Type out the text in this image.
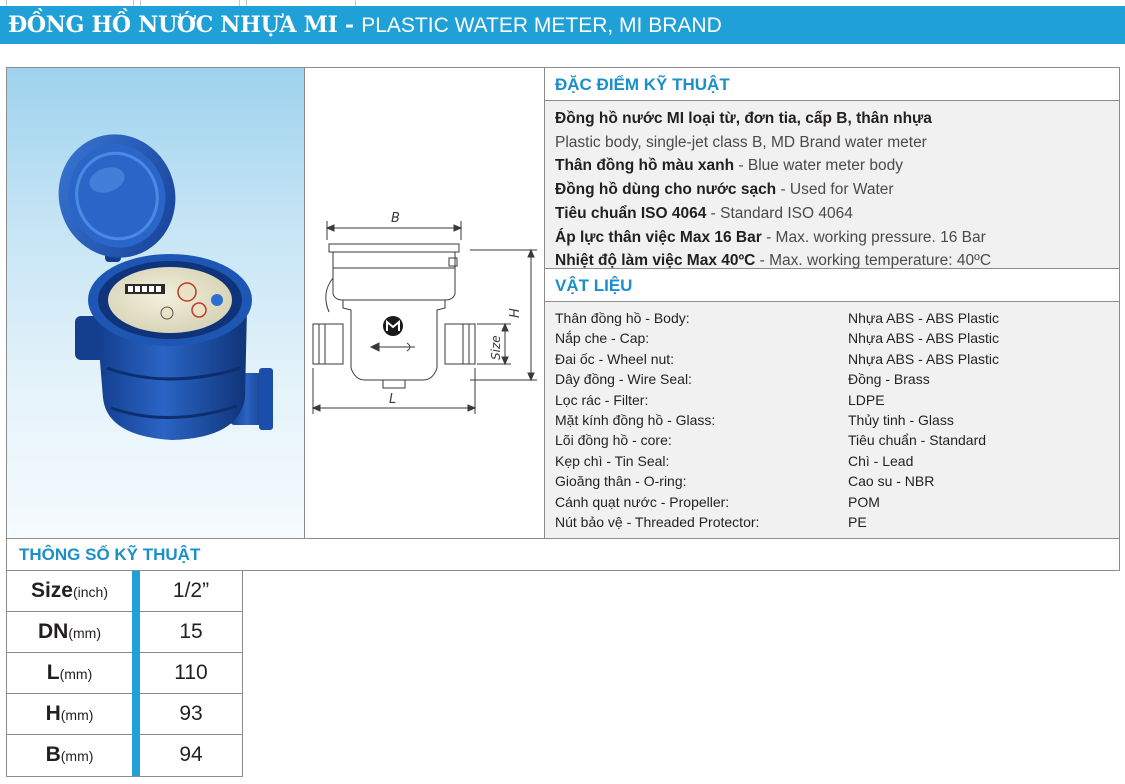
ĐỒNG HỒ NƯỚC NHỰA MI - PLASTIC WATER METER, MI BRAND
B
H
Size
L
ĐẶC ĐIỂM KỸ THUẬT
Đồng hồ nước MI loại từ, đơn tia, cấp B, thân nhựa
Plastic body, single-jet class B, MD Brand water meter
Thân đồng hồ màu xanh - Blue water meter body
Đồng hồ dùng cho nước sạch - Used for Water
Tiêu chuẩn ISO 4064 - Standard ISO 4064
Áp lực thân việc Max 16 Bar - Max. working pressure. 16 Bar
Nhiệt độ làm việc Max 40ºC - Max. working temperature: 40ºC
VẬT LIỆU
Thân đồng hồ - Body:	Nhựa ABS - ABS Plastic
Nắp che - Cap:	Nhựa ABS - ABS Plastic
Đai ốc - Wheel nut:	Nhựa ABS - ABS Plastic
Dây đồng - Wire Seal:	Đồng - Brass
Lọc rác - Filter:	LDPE
Mặt kính đồng hồ - Glass:	Thủy tinh - Glass
Lõi đồng hồ - core:	Tiêu chuẩn - Standard
Kẹp chì - Tin Seal:	Chì - Lead
Gioăng thân - O-ring:	Cao su - NBR
Cánh quạt nước - Propeller:	POM
Nút bảo vệ - Threaded Protector:	PE
THÔNG SỐ KỸ THUẬT
Size(inch)	1/2”
DN(mm)	15
L(mm)	110
H(mm)	93
B(mm)	94
